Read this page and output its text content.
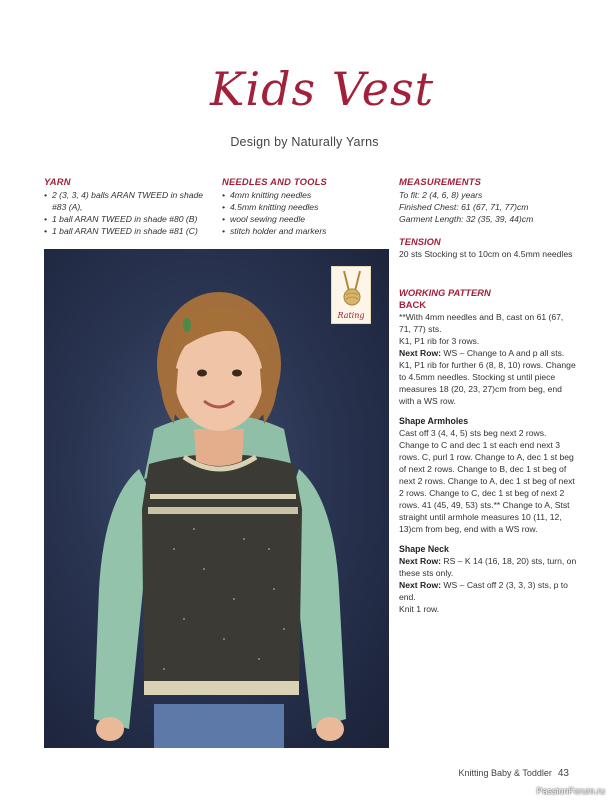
Kids Vest
Design by Naturally Yarns
YARN
• 2 (3, 3, 4) balls ARAN TWEED in shade #83 (A),
• 1 ball ARAN TWEED in shade #80 (B)
• 1 ball ARAN TWEED in shade #81 (C)
NEEDLES AND TOOLS
• 4mm knitting needles
• 4.5mm knitting needles
• wool sewing needle
• stitch holder and markers
MEASUREMENTS

To fit: 2 (4, 6, 8) years

Finished Chest: 61 (67, 71, 77)cm

Garment Length: 32 (35, 39, 44)cm

TENSION

20 sts Stocking st to 10cm on 4.5mm needles

WORKING PATTERN
BACK

**With 4mm needles and B, cast on 61 (67, 71, 77) sts.

K1, P1 rib for 3 rows.

Next Row: WS – Change to A and p all sts.

K1, P1 rib for further 6 (8, 8, 10) rows. Change to 4.5mm needles. Stocking st until piece measures 18 (20, 23, 27)cm from beg, end with a WS row.

Shape Armholes

Cast off 3 (4, 4, 5) sts beg next 2 rows. Change to C and dec 1 st each end next 3 rows. C, purl 1 row. Change to A, dec 1 st beg of next 2 rows. Change to B, dec 1 st beg of next 2 rows. Change to A, dec 1 st beg of next 2 rows. Change to C, dec 1 st beg of next 2 rows. 41 (45, 49, 53) sts.** Change to A, Stst straight until armhole measures 10 (11, 12, 13)cm from beg, end with a WS row.

Shape Neck

Next Row: RS – K 14 (16, 18, 20) sts, turn, on these sts only.

Next Row: WS – Cast off 2 (3, 3, 3) sts, p to end.

Knit 1 row.

Rating
Knitting Baby & Toddler 43
PassionForum.ru
